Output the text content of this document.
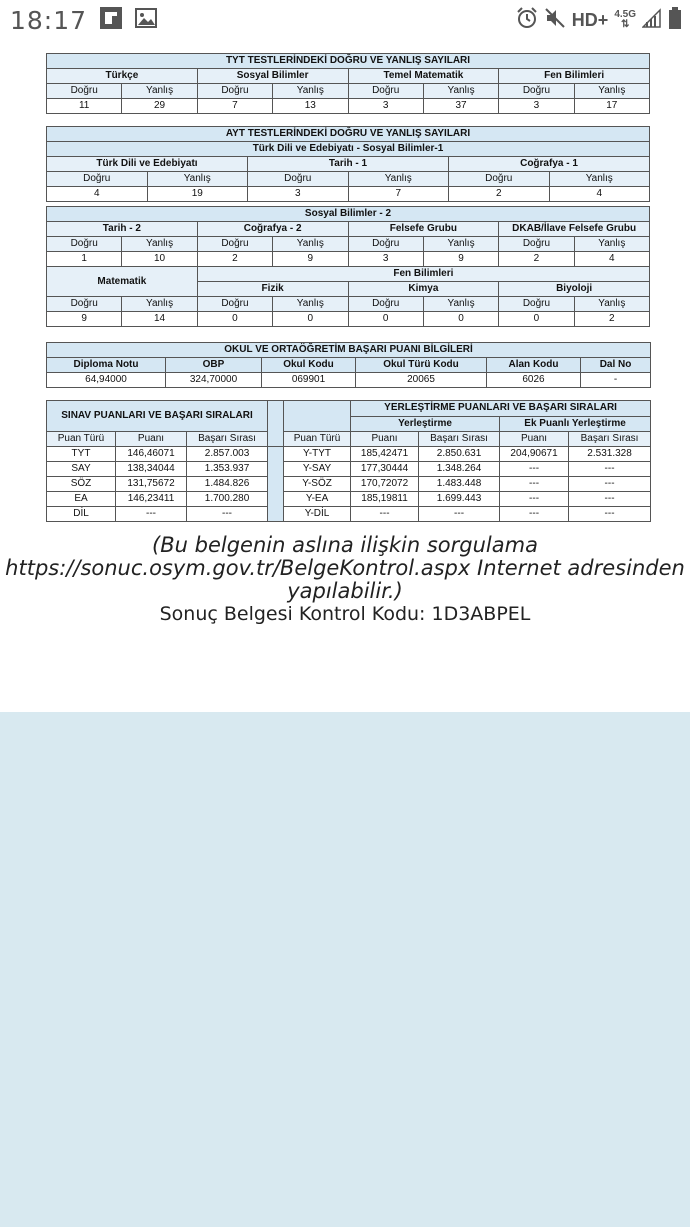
18:17	HD+ 4.5G
⇅
TYT TESTLERİNDEKİ DOĞRU VE YANLIŞ SAYILARI							
Türkçe		Sosyal Bilimler		Temel Matematik		Fen Bilimleri	
Doğru	Yanlış	Doğru	Yanlış	Doğru	Yanlış	Doğru	Yanlış
11	29	7	13	3	37	3	17
AYT TESTLERİNDEKİ DOĞRU VE YANLIŞ SAYILARI					
Türk Dili ve Edebiyatı - Sosyal Bilimler-1					
Türk Dili ve Edebiyatı		Tarih - 1		Coğrafya - 1	
Doğru	Yanlış	Doğru	Yanlış	Doğru	Yanlış
4	19	3	7	2	4
Sosyal Bilimler - 2							
Tarih - 2		Coğrafya - 2		Felsefe Grubu		DKAB/İlave Felsefe Grubu	
Doğru	Yanlış	Doğru	Yanlış	Doğru	Yanlış	Doğru	Yanlış
1	10	2	9	3	9	2	4
Matematik		Fen Bilimleri					
		Fizik		Kimya		Biyoloji	
Doğru	Yanlış	Doğru	Yanlış	Doğru	Yanlış	Doğru	Yanlış
9	14	0	0	0	0	0	2
OKUL VE ORTAÖĞRETİM BAŞARI PUANI BİLGİLERİ					
Diploma Notu	OBP	Okul Kodu	Okul Türü Kodu	Alan Kodu	Dal No
64,94000	324,70000	069901	20065	6026	-
SINAV PUANLARI VE BAŞARI SIRALARI					YERLEŞTİRME PUANLARI VE BAŞARI SIRALARI			
					Yerleştirme		Ek Puanlı Yerleştirme	
Puan Türü	Puanı	Başarı Sırası		Puan Türü	Puanı	Başarı Sırası	Puanı	Başarı Sırası
TYT	146,46071	2.857.003		Y-TYT	185,42471	2.850.631	204,90671	2.531.328
SAY	138,34044	1.353.937		Y-SAY	177,30444	1.348.264	---	---
SÖZ	131,75672	1.484.826		Y-SÖZ	170,72072	1.483.448	---	---
EA	146,23411	1.700.280		Y-EA	185,19811	1.699.443	---	---
DİL	---	---		Y-DİL	---	---	---	---
(Bu belgenin aslına ilişkin sorgulama
https://sonuc.osym.gov.tr/BelgeKontrol.aspx Internet adresinden
yapılabilir.)
Sonuç Belgesi Kontrol Kodu: 1D3ABPEL
